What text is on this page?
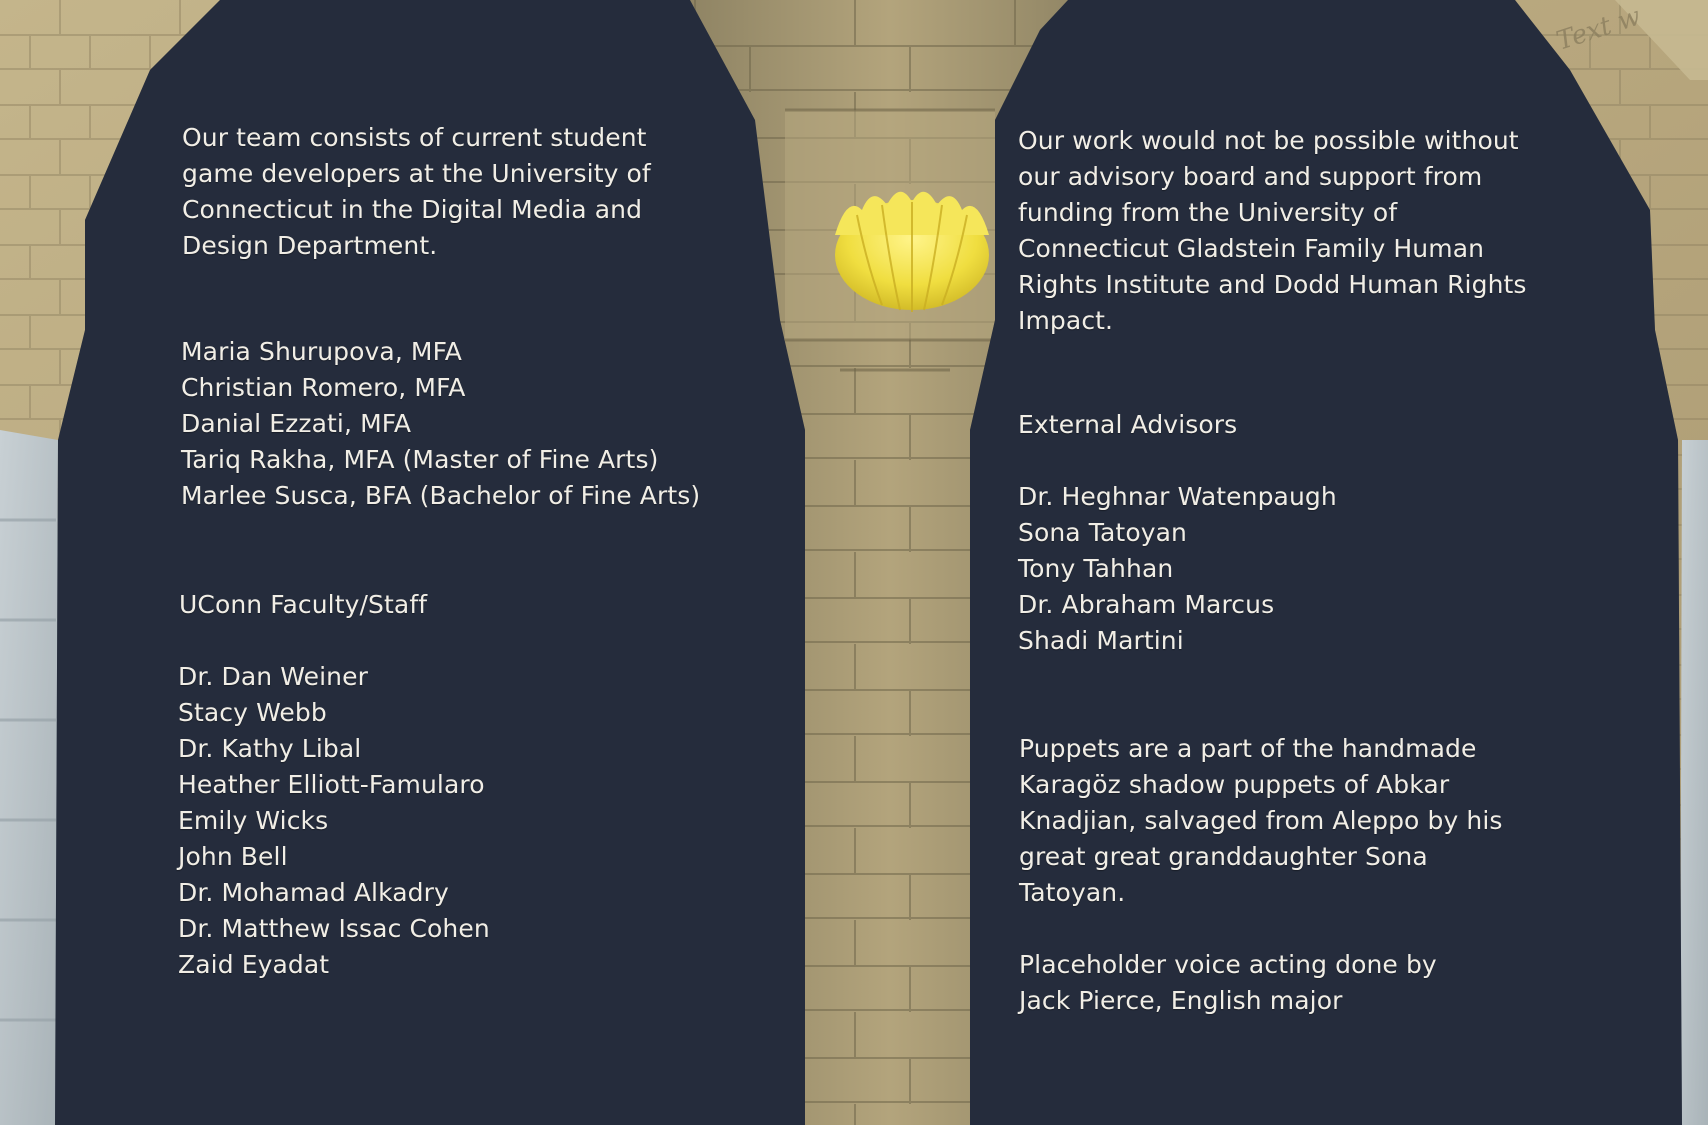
Text w
Our team consists of current student
game developers at the University of
Connecticut in the Digital Media and
Design Department.
Maria Shurupova, MFA
Christian Romero, MFA
Danial Ezzati, MFA
Tariq Rakha, MFA (Master of Fine Arts)
Marlee Susca, BFA (Bachelor of Fine Arts)
UConn Faculty/Staff
Dr. Dan Weiner
Stacy Webb
Dr. Kathy Libal
Heather Elliott-Famularo
Emily Wicks
John Bell
Dr. Mohamad Alkadry
Dr. Matthew Issac Cohen
Zaid Eyadat
Our work would not be possible without
our advisory board and support from
funding from the University of
Connecticut Gladstein Family Human
Rights Institute and Dodd Human Rights
Impact.
External Advisors
Dr. Heghnar Watenpaugh
Sona Tatoyan
Tony Tahhan
Dr. Abraham Marcus
Shadi Martini
Puppets are a part of the handmade
Karagöz shadow puppets of Abkar
Knadjian, salvaged from Aleppo by his
great great granddaughter Sona
Tatoyan.
Placeholder voice acting done by
Jack Pierce, English major
